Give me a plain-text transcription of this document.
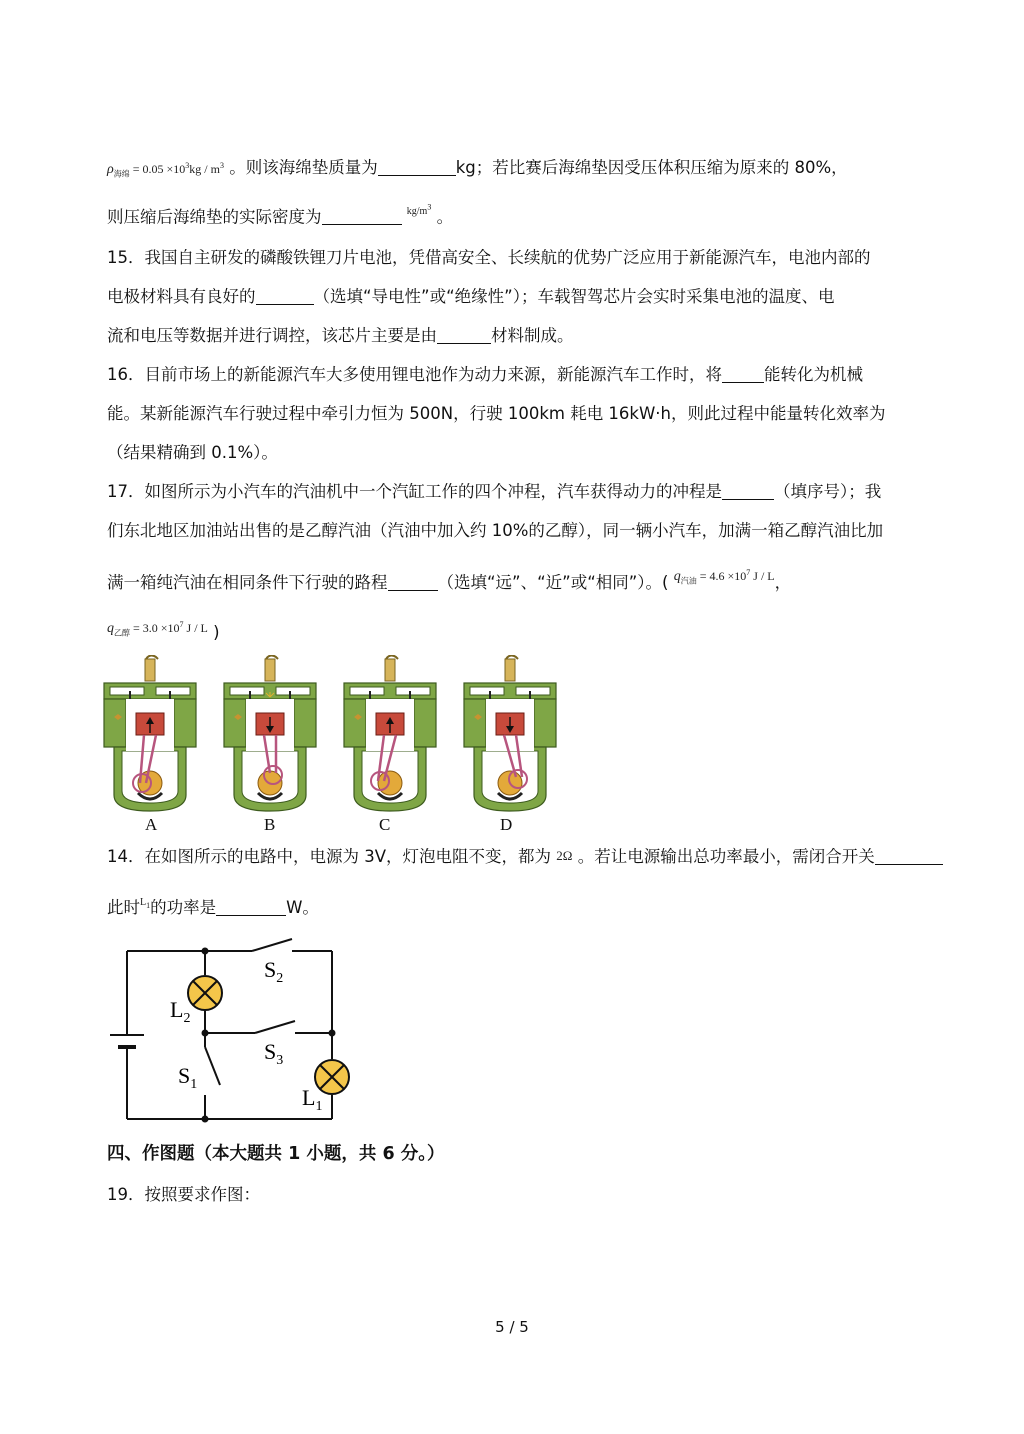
$\rho_{海绵} = 0.05 \times 10^3kg / m^3$ 。则该海绵垫质量为	kg；若比赛后海绵垫因受压体积压缩为原来的 80%，
则压缩后海绵垫的实际密度为	$^{kg/m^3}$ 。
15．我国自主研发的磷酸铁锂刀片电池，凭借高安全、长续航的优势广泛应用于新能源汽车，电池内部的
电极材料具有良好的	（选填“导电性”或“绝缘性”）；车载智驾芯片会实时采集电池的温度、电
流和电压等数据并进行调控，该芯片主要是由	材料制成。
16．目前市场上的新能源汽车大多使用锂电池作为动力来源，新能源汽车工作时，将	能转化为机械
能。某新能源汽车行驶过程中牵引力恒为 500N，行驶 100km 耗电 16kW·h，则此过程中能量转化效率为
（结果精确到 0.1%）。
17．如图所示为小汽车的汽油机中一个汽缸工作的四个冲程，汽车获得动力的冲程是	（填序号）；我
们东北地区加油站出售的是乙醇汽油（汽油中加入约 10%的乙醇），同一辆小汽车，加满一箱乙醇汽油比加
满一箱纯汽油在相同条件下行驶的路程	（选填“远”、“近”或“相同”）。( $^{q_{汽油} = 4.6 \times 10^7 J / L}$，
$^{q_{乙醇} = 3.0 \times 10^7 J / L}$ )
A	B	C	D
14．在如图所示的电路中，电源为 3V，灯泡电阻不变，都为 2Ω 。若让电源输出总功率最小，需闭合开关
此时$^{L_1}$的功率是	W。
$S_2$
$L_2$
$S_3$
$S_1$
$L_1$
四、作图题（本大题共 1 小题，共 6 分。）
19．按照要求作图：
5 / 5
